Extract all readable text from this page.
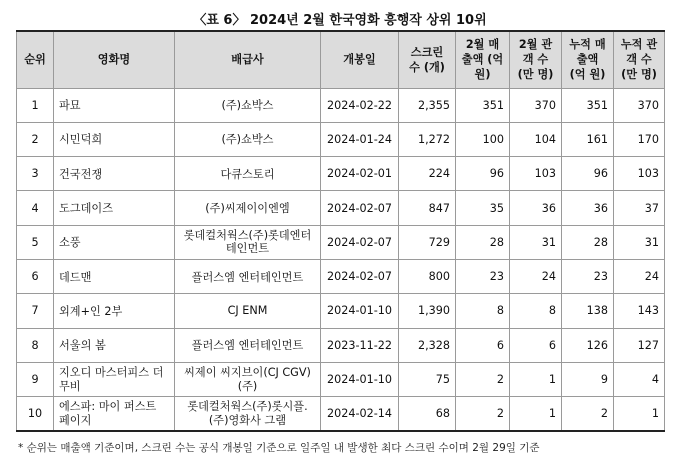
〈표 6〉 2024년 2월 한국영화 흥행작 상위 10위
순위	영화명	배급사	개봉일	스크린 수 (개)	2월 매출액 (억 원)	2월 관객 수 (만 명)	누적 매출액 (억 원)	누적 관객 수 (만 명)
1	파묘	(주)쇼박스	2024-02-22	2,355	351	370	351	370
2	시민덕희	(주)쇼박스	2024-01-24	1,272	100	104	161	170
3	건국전쟁	다큐스토리	2024-02-01	224	96	103	96	103
4	도그데이즈	(주)씨제이이엔엠	2024-02-07	847	35	36	36	37
5	소풍	롯데컬처웍스(주)롯데엔터테인먼트	2024-02-07	729	28	31	28	31
6	데드맨	플러스엠 엔터테인먼트	2024-02-07	800	23	24	23	24
7	외계+인 2부	CJ ENM	2024-01-10	1,390	8	8	138	143
8	서울의 봄	플러스엠 엔터테인먼트	2023-11-22	2,328	6	6	126	127
9	지오디 마스터피스 더 무비	씨제이 씨지브이(CJ CGV)(주)	2024-01-10	75	2	1	9	4
10	에스파: 마이 퍼스트 페이지	롯데컬처웍스(주)롯시플.(주)영화사 그램	2024-02-14	68	2	1	2	1
* 순위는 매출액 기준이며, 스크린 수는 공식 개봉일 기준으로 일주일 내 발생한 최다 스크린 수이며 2월 29일 기준
